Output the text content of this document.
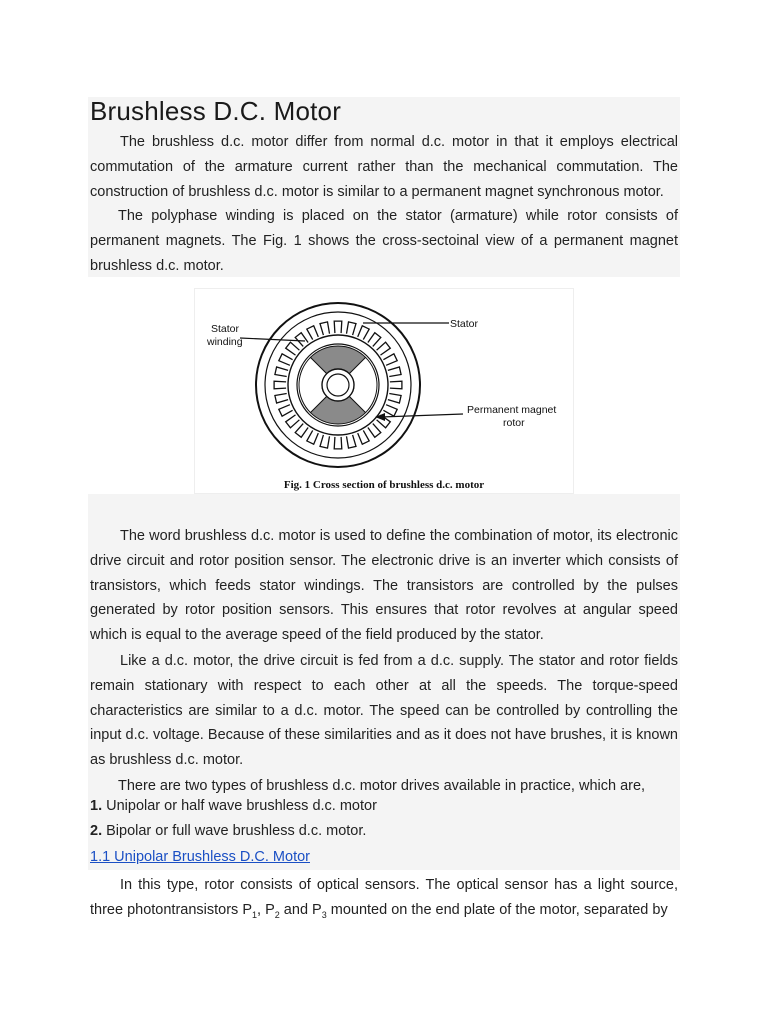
Brushless D.C. Motor

The brushless d.c. motor differ from normal d.c. motor in that it employs electrical commutation of the armature current rather than the mechanical commutation. The construction of brushless d.c. motor is similar to a permanent magnet synchronous motor.

The polyphase winding is placed on the stator (armature) while rotor consists of permanent magnets. The Fig. 1 shows the cross-sectoinal view of a permanent magnet brushless d.c. motor.

Stator
winding
Stator
Permanent magnet
rotor
Fig. 1 Cross section of brushless d.c. motor

The word brushless d.c. motor is used to define the combination of motor, its electronic drive circuit and rotor position sensor. The electronic drive is an inverter which consists of transistors, which feeds stator windings. The transistors are controlled by the pulses generated by rotor position sensors. This ensures that rotor revolves at angular speed which is equal to the average speed of the field produced by the stator.

Like a d.c. motor, the drive circuit is fed from a d.c. supply. The stator and rotor fields remain stationary with respect to each other at all the speeds. The torque-speed characteristics are similar to a d.c. motor. The speed can be controlled by controlling the input d.c. voltage. Because of these similarities and as it does not have brushes, it is known as brushless d.c. motor.

There are two types of brushless d.c. motor drives available in practice, which are,

1. Unipolar or half wave brushless d.c. motor
2. Bipolar or full wave brushless d.c. motor.
1.1 Unipolar Brushless D.C. Motor

In this type, rotor consists of optical sensors. The optical sensor has a light source, three photontransistors $P_1$, $P_2$ and $P_3$ mounted on the end plate of the motor, separated by
